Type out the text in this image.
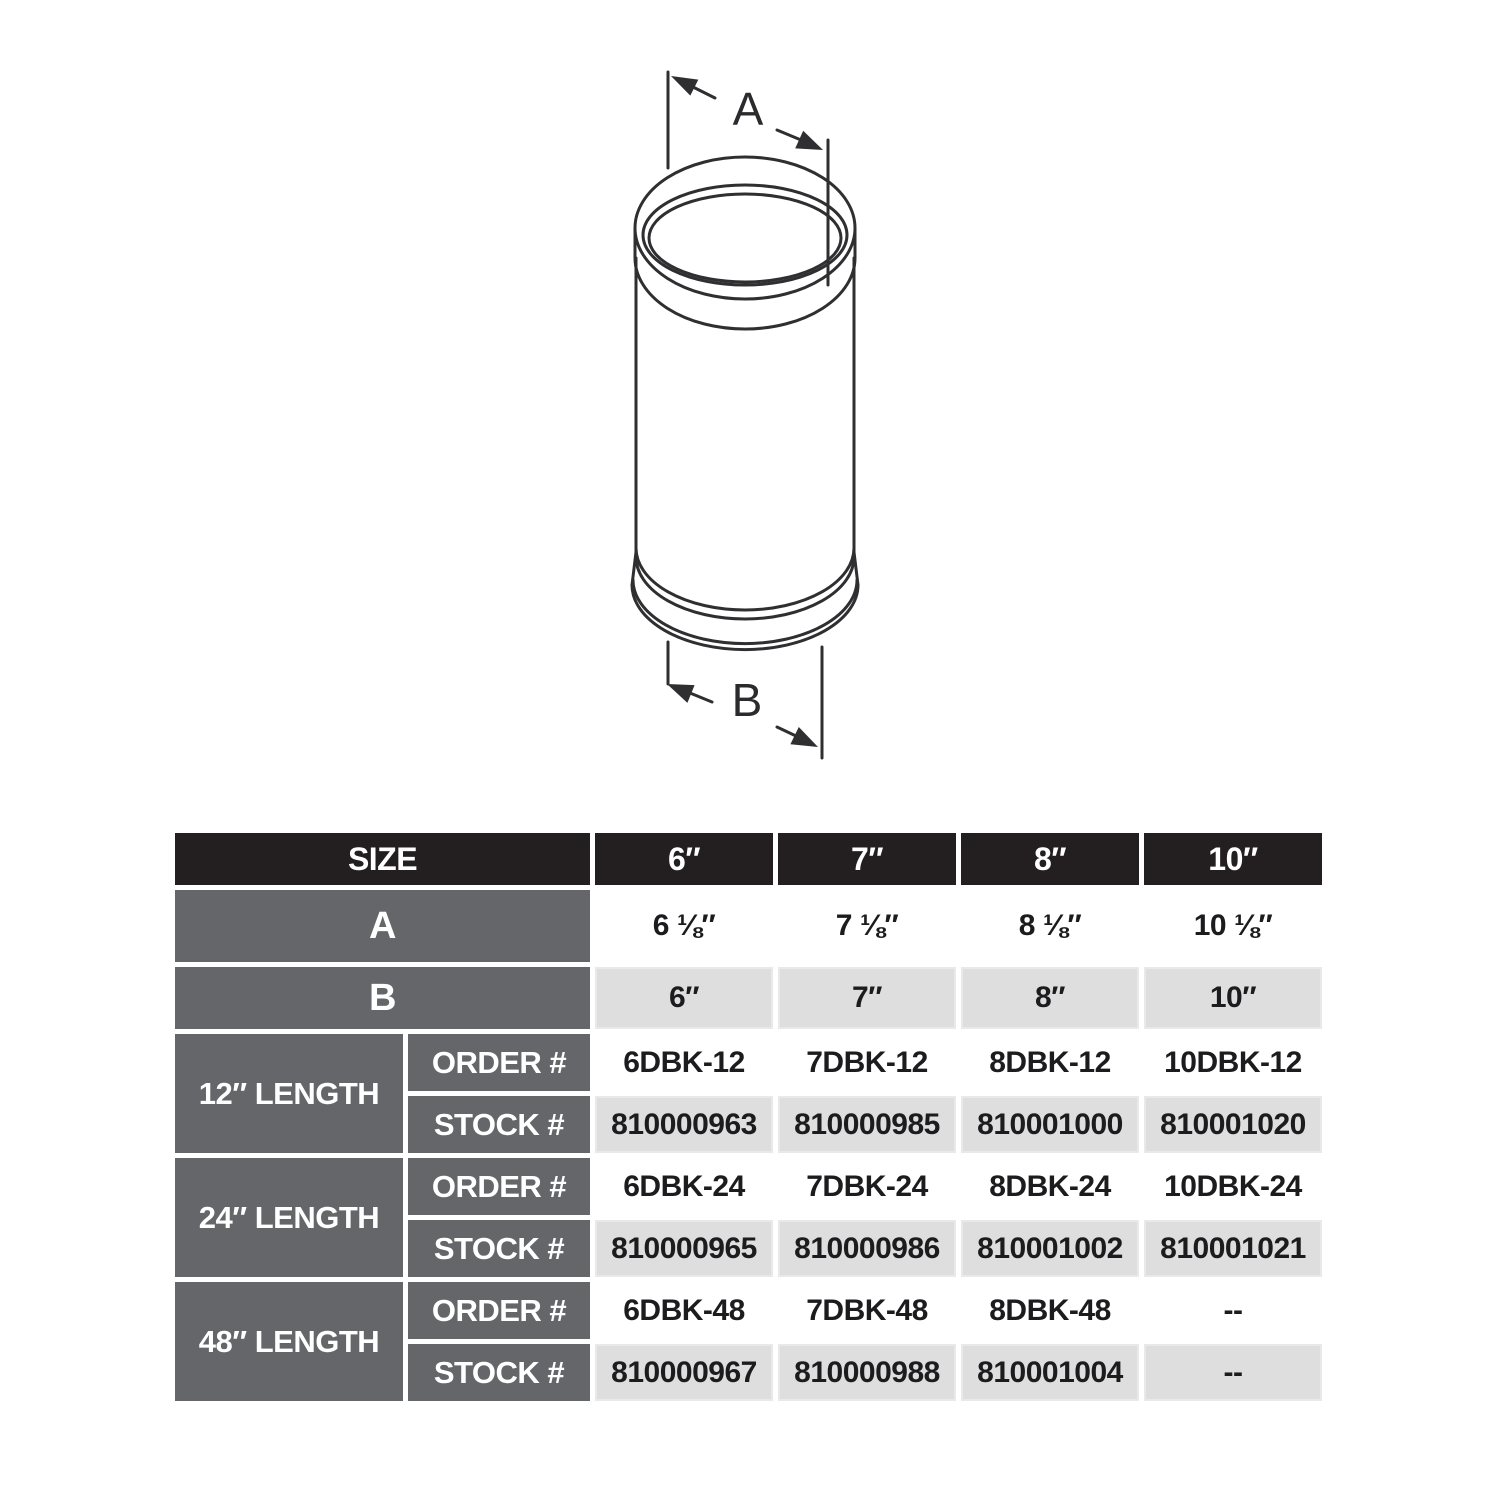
A
B
SIZE		6″	7″	8″	10″
A		6 ⅛″	7 ⅛″	8 ⅛″	10 ⅛″
B		6″	7″	8″	10″
12″ LENGTH	ORDER #	6DBK-12	7DBK-12	8DBK-12	10DBK-12
	STOCK #	810000963	810000985	810001000	810001020
24″ LENGTH	ORDER #	6DBK-24	7DBK-24	8DBK-24	10DBK-24
	STOCK #	810000965	810000986	810001002	810001021
48″ LENGTH	ORDER #	6DBK-48	7DBK-48	8DBK-48	--
	STOCK #	810000967	810000988	810001004	--
